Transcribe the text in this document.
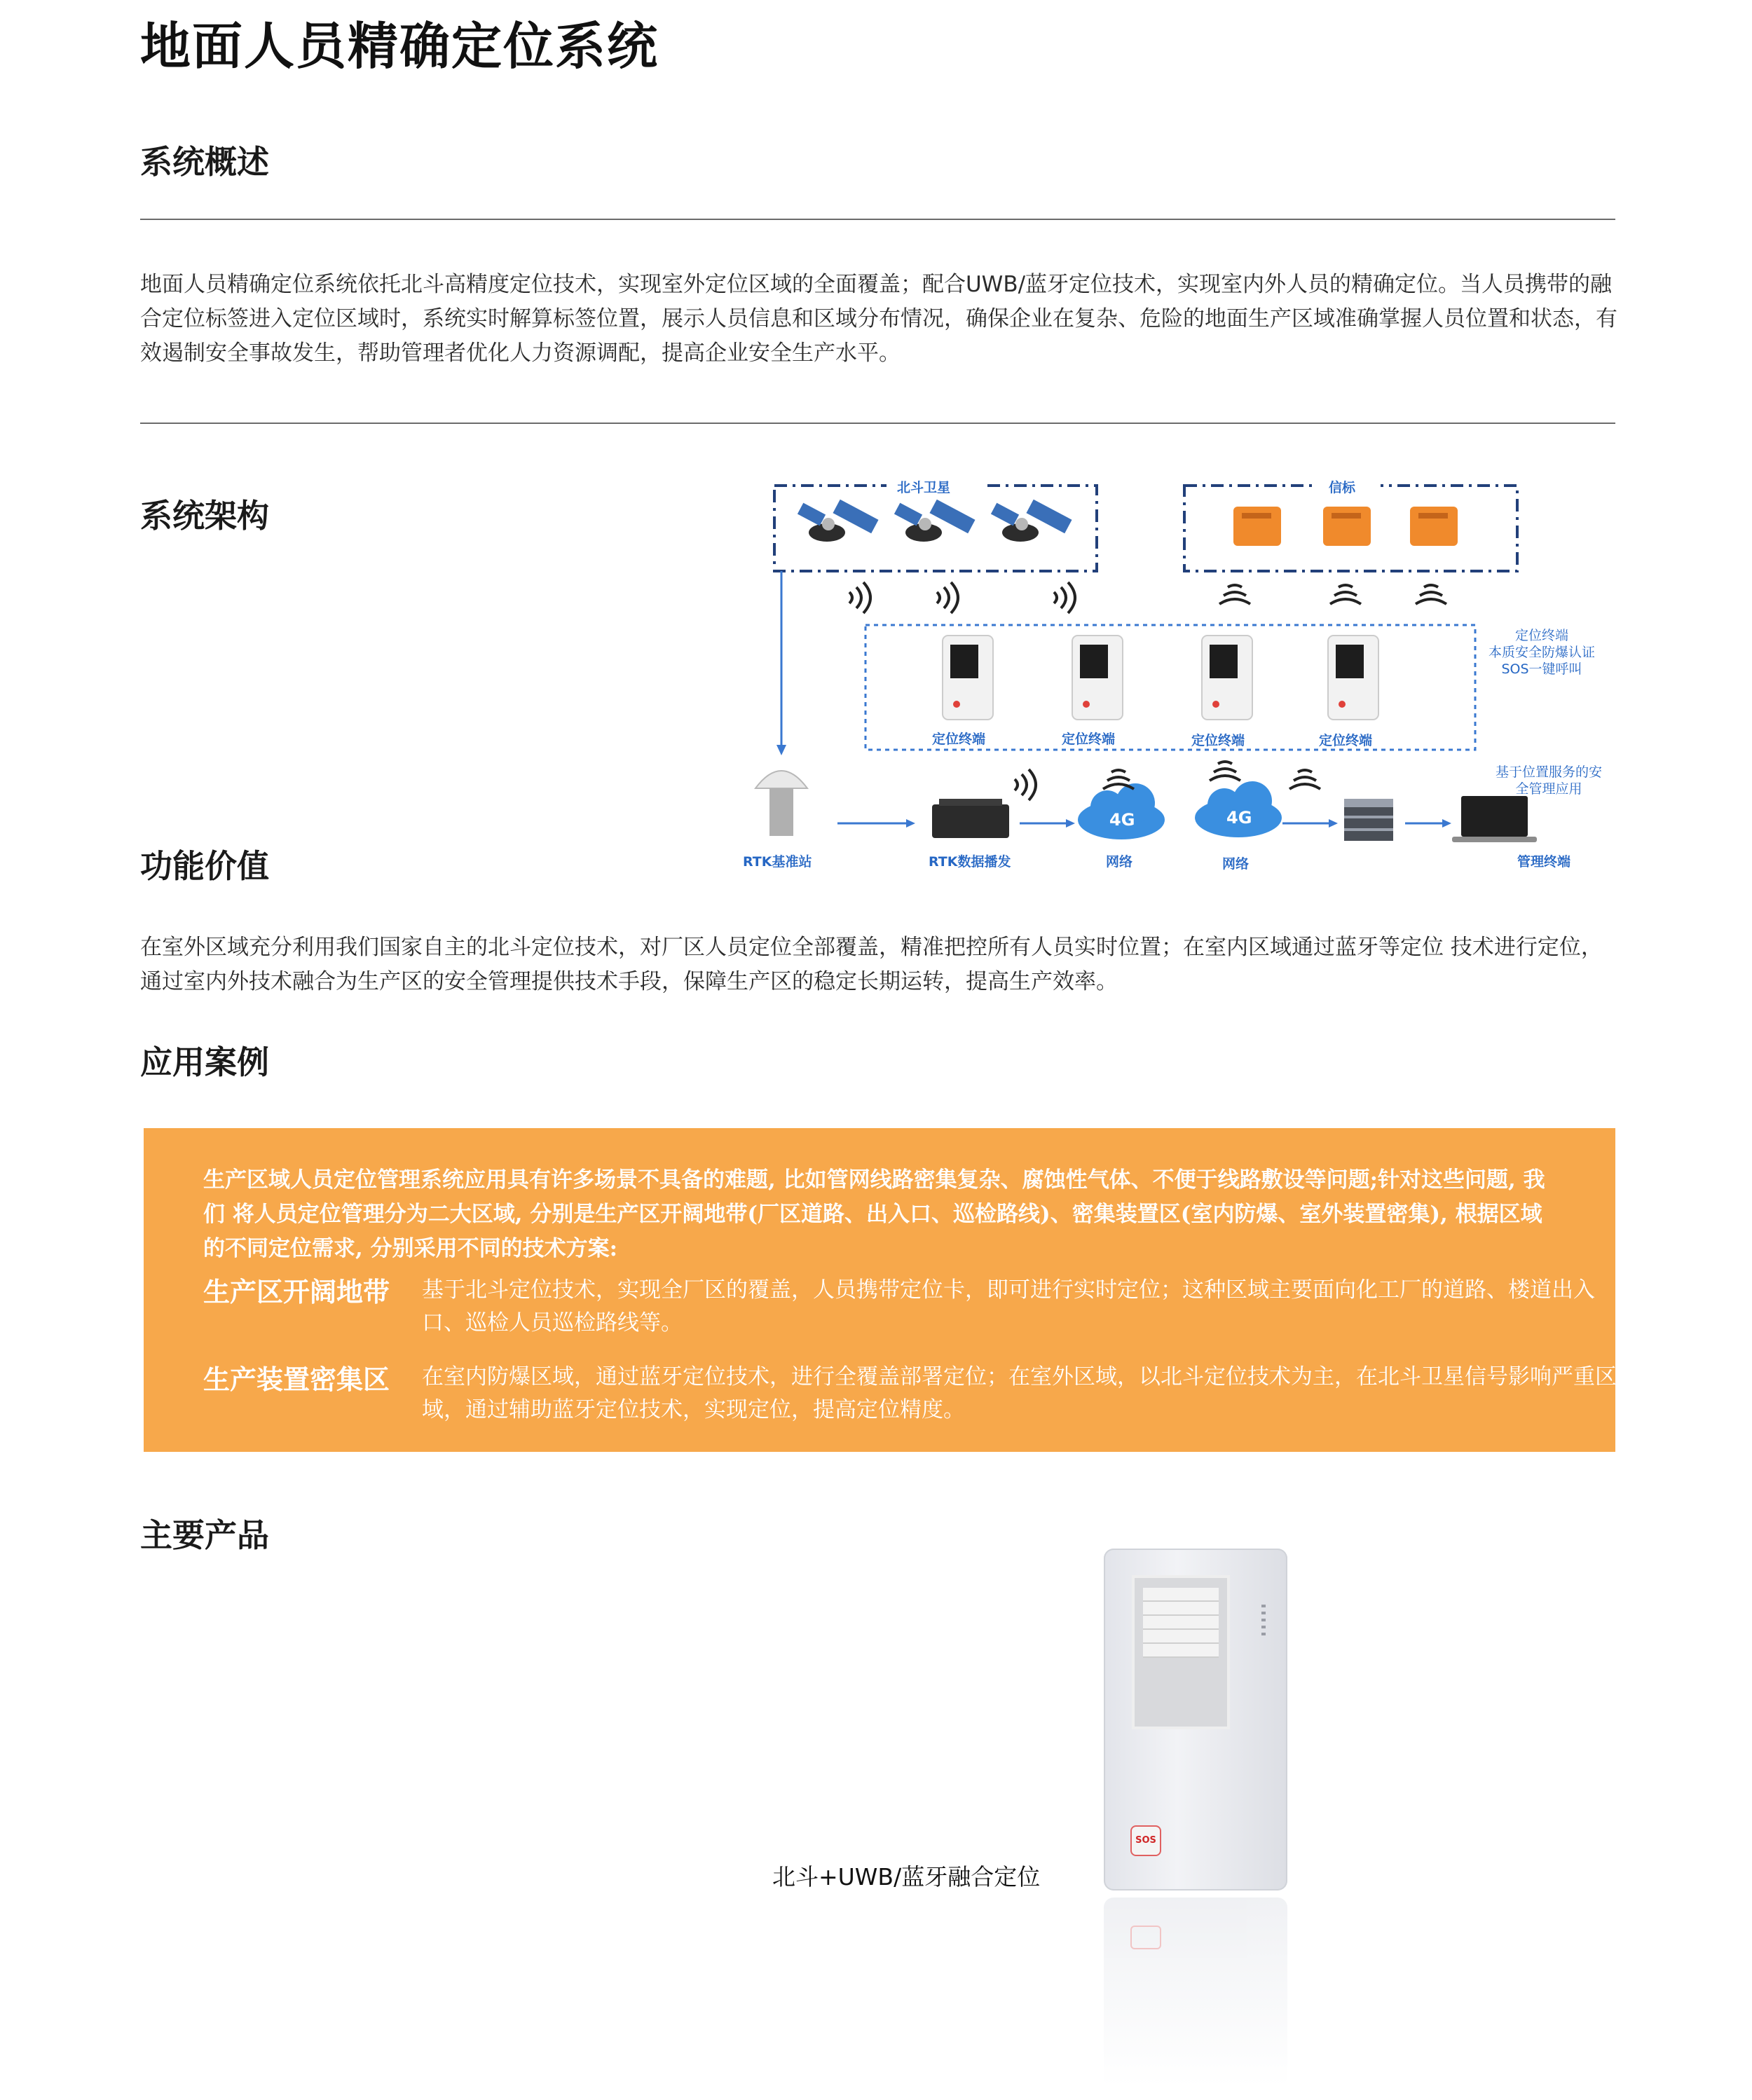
地面人员精确定位系统
系统概述
地面人员精确定位系统依托北斗高精度定位技术，实现室外定位区域的全面覆盖；配合UWB/蓝牙定位技术，实现室内外人员的精确定位。当人员携带的融合定位标签进入定位区域时，系统实时解算标签位置，展示人员信息和区域分布情况，确保企业在复杂、危险的地面生产区域准确掌握人员位置和状态，有效遏制安全事故发生，帮助管理者优化人力资源调配，提高企业安全生产水平。
系统架构
北斗卫星	信标
定位终端	定位终端	定位终端	定位终端
定位终端
本质安全防爆认证
SOS一键呼叫
基于位置服务的安
全管理应用
RTK基准站	RTK数据播发	网络	网络	管理终端
4G	4G
功能价值
在室外区域充分利用我们国家自主的北斗定位技术，对厂区人员定位全部覆盖，精准把控所有人员实时位置；在室内区域通过蓝牙等定位 技术进行定位，通过室内外技术融合为生产区的安全管理提供技术手段，保障生产区的稳定长期运转，提高生产效率。
应用案例
生产区域人员定位管理系统应用具有许多场景不具备的难题, 比如管网线路密集复杂、腐蚀性气体、不便于线路敷设等问题;针对这些问题, 我们 将人员定位管理分为二大区域, 分别是生产区开阔地带(厂区道路、出入口、巡检路线)、密集装置区(室内防爆、室外装置密集), 根据区域的不同定位需求, 分别采用不同的技术方案:
生产区开阔地带 基于北斗定位技术，实现全厂区的覆盖，人员携带定位卡，即可进行实时定位；这种区域主要面向化工厂的道路、楼道出入口、巡检人员巡检路线等。
生产装置密集区 在室内防爆区域，通过蓝牙定位技术，进行全覆盖部署定位；在室外区域，以北斗定位技术为主，在北斗卫星信号影响严重区域，通过辅助蓝牙定位技术，实现定位，提高定位精度。
主要产品
北斗+UWB/蓝牙融合定位
SOS
